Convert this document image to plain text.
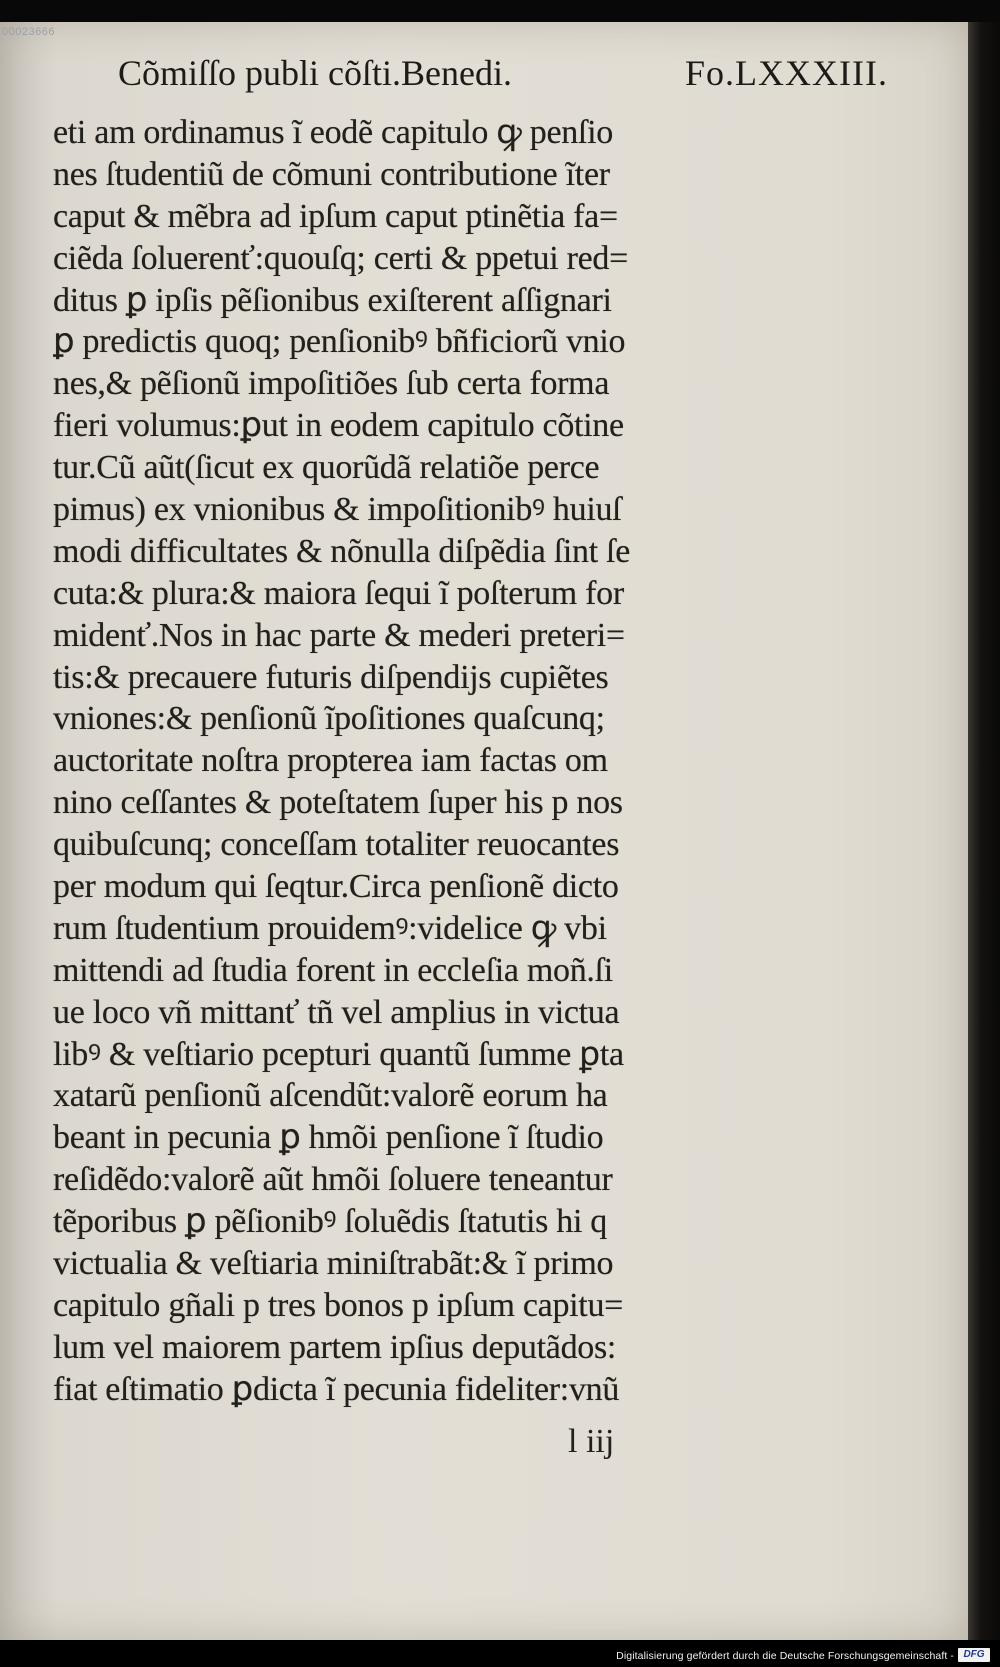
00023666
Cõmiſſo publi cõſti.Benedi.	Fo.LXXXIII.
eti am ordinamus ĩ eodẽ capitulo ꝙ penſio
nes ſtudentiũ de cõmuni contributione ĩter
caput & mẽbra ad ipſum caput ptinẽtia fa=
ciẽda ſoluerenť:quouſq; certi & ppetui red=
ditus ꝑ ipſis pẽſionibus exiſterent aſſignari
ꝑ predictis quoq; penſionibꝰ bñficiorũ vnio
nes,& pẽſionũ impoſitiões ſub certa forma
fieri volumus:ꝑut in eodem capitulo cõtine
tur.Cũ aũt(ſicut ex quorũdã relatiõe perce
pimus) ex vnionibus & impoſitionibꝰ huiuſ
modi difficultates & nõnulla diſpẽdia ſint ſe
cuta:& plura:& maiora ſequi ĩ poſterum for
midenť.Nos in hac parte & mederi preteri=
tis:& precauere futuris diſpendijs cupiẽtes
vniones:& penſionũ ĩpoſitiones quaſcunq;
auctoritate noſtra propterea iam factas om
nino ceſſantes & poteſtatem ſuper his p nos
quibuſcunq; conceſſam totaliter reuocantes
per modum qui ſeqtur.Circa penſionẽ dicto
rum ſtudentium prouidemꝰ:videlice ꝙ vbi
mittendi ad ſtudia forent in eccleſia moñ.ſi
ue loco vñ mittanť tñ vel amplius in victua
libꝰ & veſtiario pcepturi quantũ ſumme ꝑta
xatarũ penſionũ aſcendũt:valorẽ eorum ha
beant in pecunia ꝑ hmõi penſione ĩ ſtudio
reſidẽdo:valorẽ aũt hmõi ſoluere teneantur
tẽporibus ꝑ pẽſionibꝰ ſoluẽdis ſtatutis hi q
victualia & veſtiaria miniſtrabãt:& ĩ primo
capitulo gñali p tres bonos p ipſum capitu=
lum vel maiorem partem ipſius deputãdos:
fiat eſtimatio ꝑdicta ĩ pecunia fideliter:vnũ
l iij
Digitalisierung gefördert durch die Deutsche Forschungsgemeinschaft - DFG
